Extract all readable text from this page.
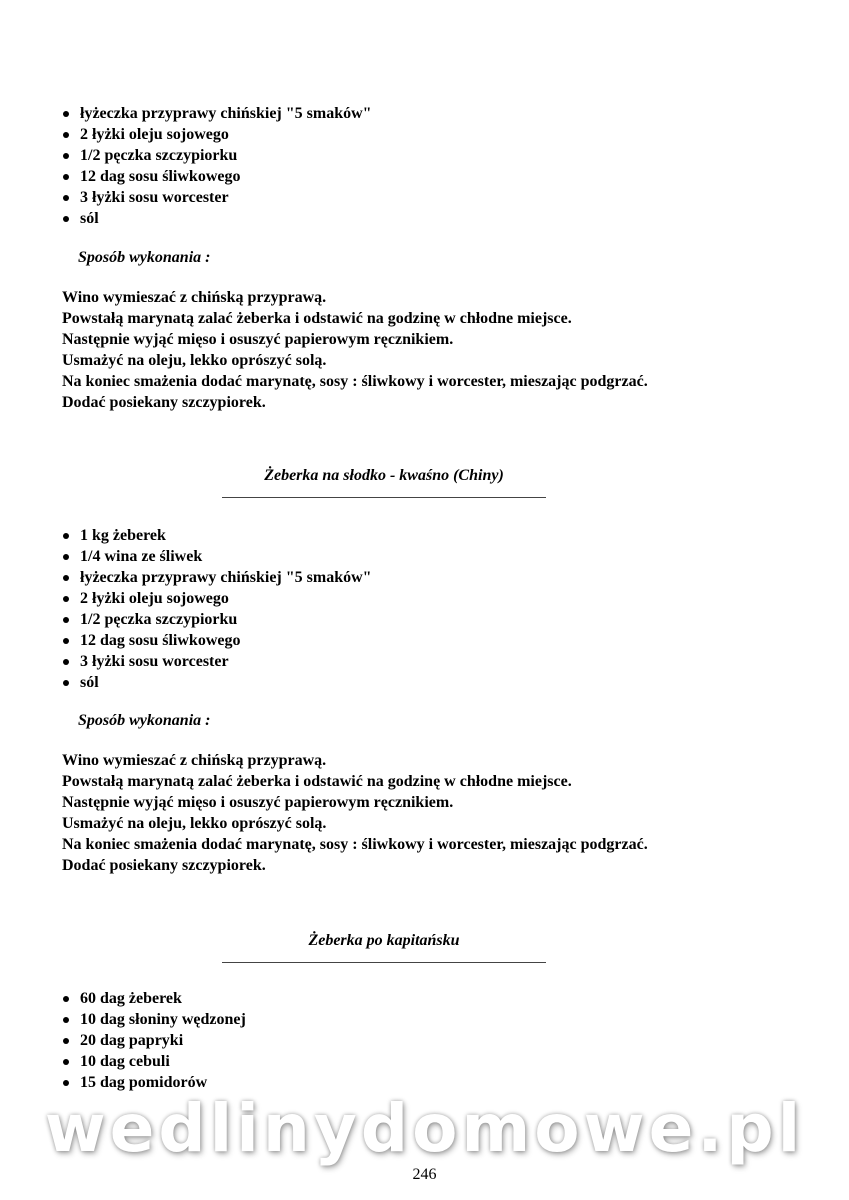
łyżeczka przyprawy chińskiej "5 smaków"
2 łyżki oleju sojowego
1/2 pęczka szczypiorku
12 dag sosu śliwkowego
3 łyżki sosu worcester
sól
Sposób wykonania :
Wino wymieszać z chińską przyprawą.
Powstałą marynatą zalać żeberka i odstawić na godzinę w chłodne miejsce.
Następnie wyjąć mięso i osuszyć papierowym ręcznikiem.
Usmażyć na oleju, lekko oprószyć solą.
Na koniec smażenia dodać marynatę, sosy : śliwkowy i worcester, mieszając podgrzać.
Dodać posiekany szczypiorek.
Żeberka na słodko - kwaśno (Chiny)
1 kg żeberek
1/4 wina ze śliwek
łyżeczka przyprawy chińskiej "5 smaków"
2 łyżki oleju sojowego
1/2 pęczka szczypiorku
12 dag sosu śliwkowego
3 łyżki sosu worcester
sól
Sposób wykonania :
Wino wymieszać z chińską przyprawą.
Powstałą marynatą zalać żeberka i odstawić na godzinę w chłodne miejsce.
Następnie wyjąć mięso i osuszyć papierowym ręcznikiem.
Usmażyć na oleju, lekko oprószyć solą.
Na koniec smażenia dodać marynatę, sosy : śliwkowy i worcester, mieszając podgrzać.
Dodać posiekany szczypiorek.
Żeberka po kapitańsku
60 dag żeberek
10 dag słoniny wędzonej
20 dag papryki
10 dag cebuli
15 dag pomidorów
wedlinydomowe.pl
246
